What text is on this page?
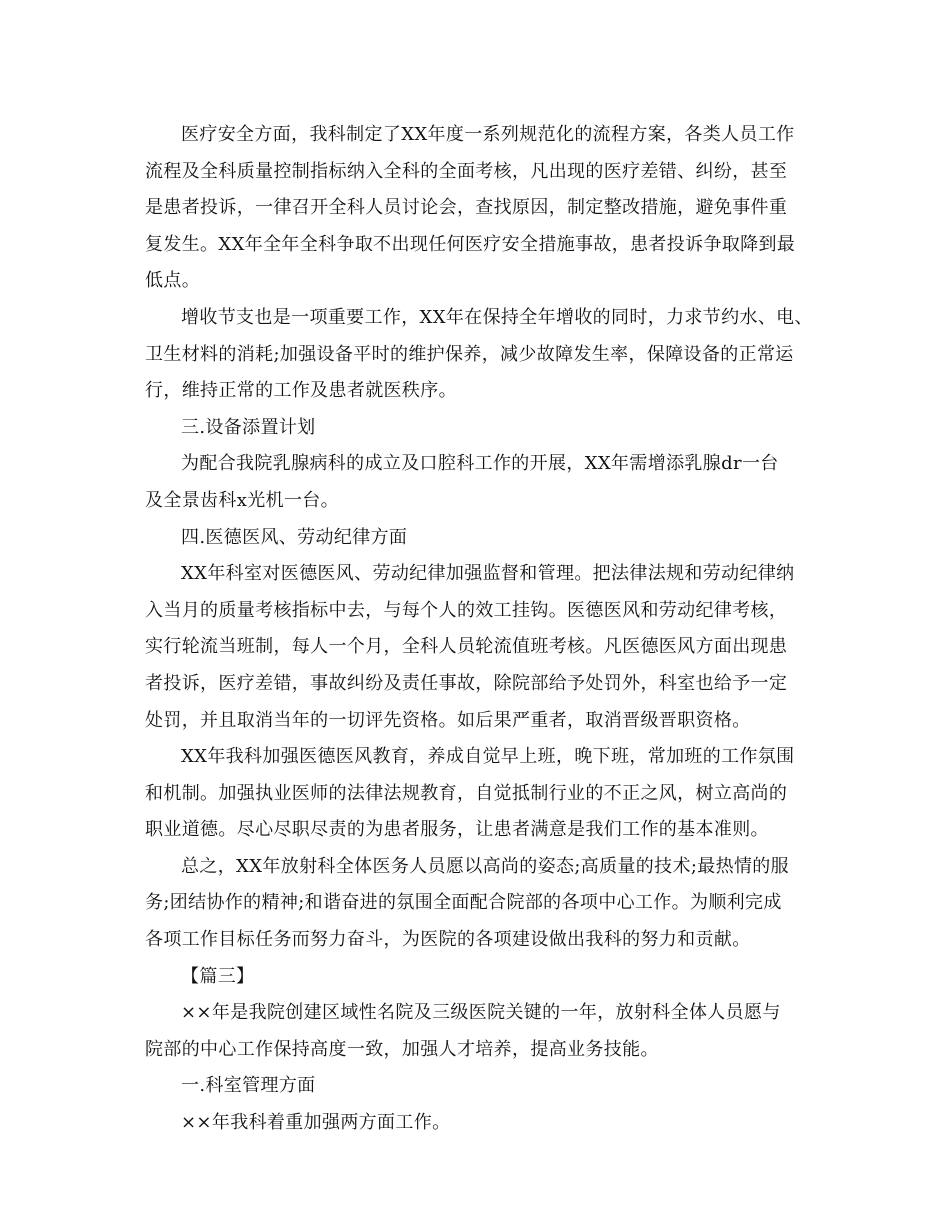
医疗安全方面，我科制定了XX年度一系列规范化的流程方案，各类人员工作
流程及全科质量控制指标纳入全科的全面考核，凡出现的医疗差错、纠纷，甚至
是患者投诉，一律召开全科人员讨论会，查找原因，制定整改措施，避免事件重
复发生。XX年全年全科争取不出现任何医疗安全措施事故，患者投诉争取降到最
低点。

增收节支也是一项重要工作，XX年在保持全年增收的同时，力求节约水、电、
卫生材料的消耗;加强设备平时的维护保养，减少故障发生率，保障设备的正常运
行，维持正常的工作及患者就医秩序。

三.设备添置计划

为配合我院乳腺病科的成立及口腔科工作的开展，XX年需增添乳腺dr一台
及全景齿科x光机一台。

四.医德医风、劳动纪律方面

XX年科室对医德医风、劳动纪律加强监督和管理。把法律法规和劳动纪律纳
入当月的质量考核指标中去，与每个人的效工挂钩。医德医风和劳动纪律考核，
实行轮流当班制，每人一个月，全科人员轮流值班考核。凡医德医风方面出现患
者投诉，医疗差错，事故纠纷及责任事故，除院部给予处罚外，科室也给予一定
处罚，并且取消当年的一切评先资格。如后果严重者，取消晋级晋职资格。

XX年我科加强医德医风教育，养成自觉早上班，晚下班，常加班的工作氛围
和机制。加强执业医师的法律法规教育，自觉抵制行业的不正之风，树立高尚的
职业道德。尽心尽职尽责的为患者服务，让患者满意是我们工作的基本准则。

总之，XX年放射科全体医务人员愿以高尚的姿态;高质量的技术;最热情的服
务;团结协作的精神;和谐奋进的氛围全面配合院部的各项中心工作。为顺利完成
各项工作目标任务而努力奋斗，为医院的各项建设做出我科的努力和贡献。

【篇三】

××年是我院创建区域性名院及三级医院关键的一年，放射科全体人员愿与
院部的中心工作保持高度一致，加强人才培养，提高业务技能。

一.科室管理方面

××年我科着重加强两方面工作。
